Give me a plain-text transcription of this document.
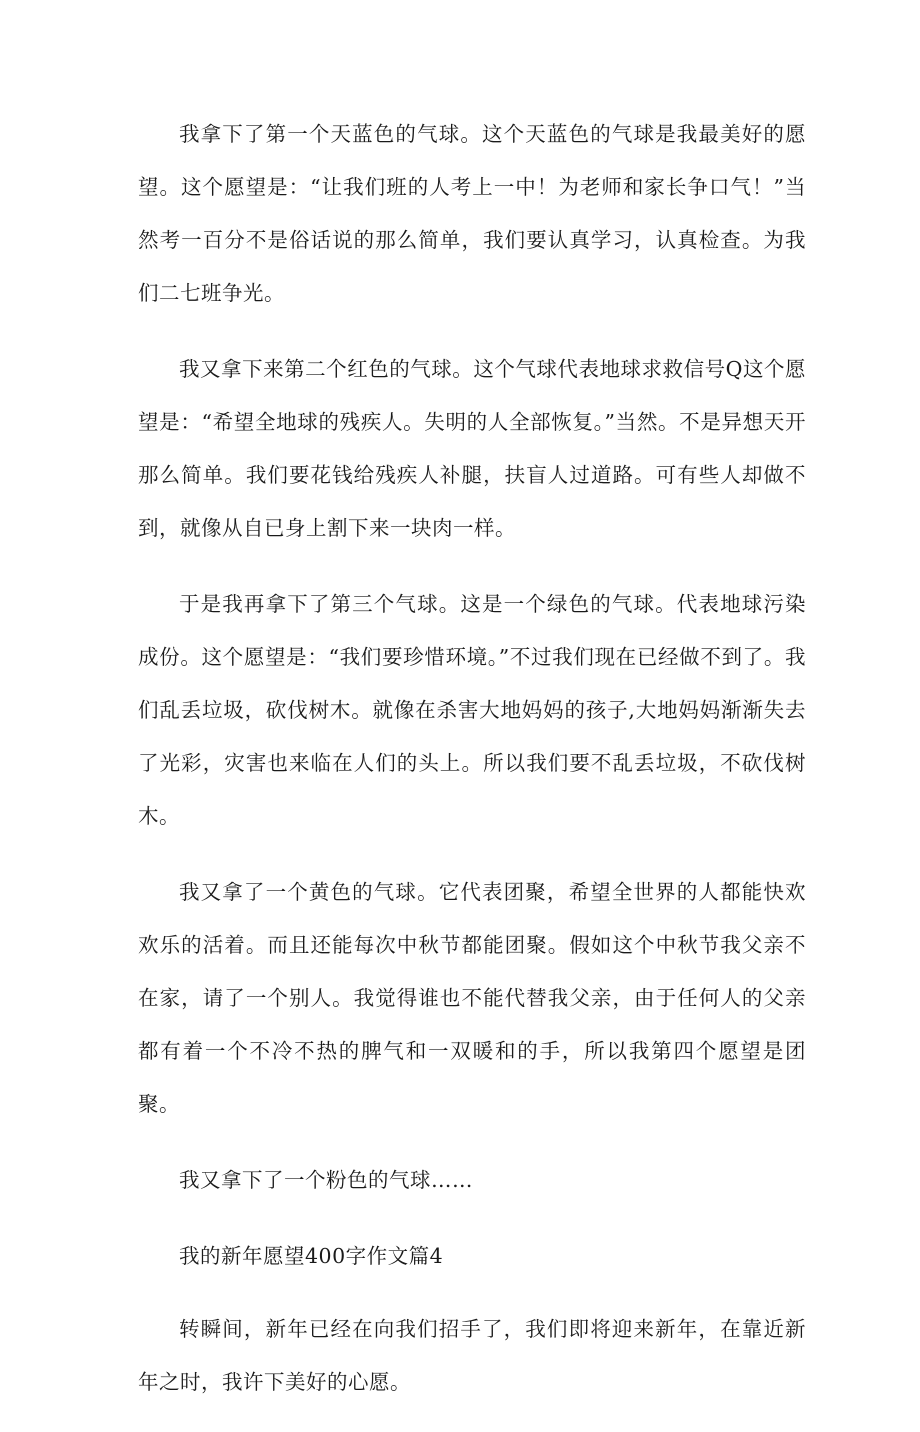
我拿下了第一个天蓝色的气球。这个天蓝色的气球是我最美好的愿望。这个愿望是：“让我们班的人考上一中！为老师和家长争口气！”当然考一百分不是俗话说的那么简单，我们要认真学习，认真检查。为我们二七班争光。

我又拿下来第二个红色的气球。这个气球代表地球求救信号Q这个愿望是：“希望全地球的残疾人。失明的人全部恢复。”当然。不是异想天开那么简单。我们要花钱给残疾人补腿，扶盲人过道路。可有些人却做不到，就像从自已身上割下来一块肉一样。

于是我再拿下了第三个气球。这是一个绿色的气球。代表地球污染成份。这个愿望是：“我们要珍惜环境。”不过我们现在已经做不到了。我们乱丢垃圾，砍伐树木。就像在杀害大地妈妈的孩子,大地妈妈渐渐失去了光彩，灾害也来临在人们的头上。所以我们要不乱丢垃圾，不砍伐树木。

我又拿了一个黄色的气球。它代表团聚，希望全世界的人都能快欢欢乐的活着。而且还能每次中秋节都能团聚。假如这个中秋节我父亲不在家，请了一个别人。我觉得谁也不能代替我父亲，由于任何人的父亲都有着一个不冷不热的脾气和一双暖和的手，所以我第四个愿望是团聚。

我又拿下了一个粉色的气球……

我的新年愿望400字作文篇4

转瞬间，新年已经在向我们招手了，我们即将迎来新年，在靠近新年之时，我许下美好的心愿。
